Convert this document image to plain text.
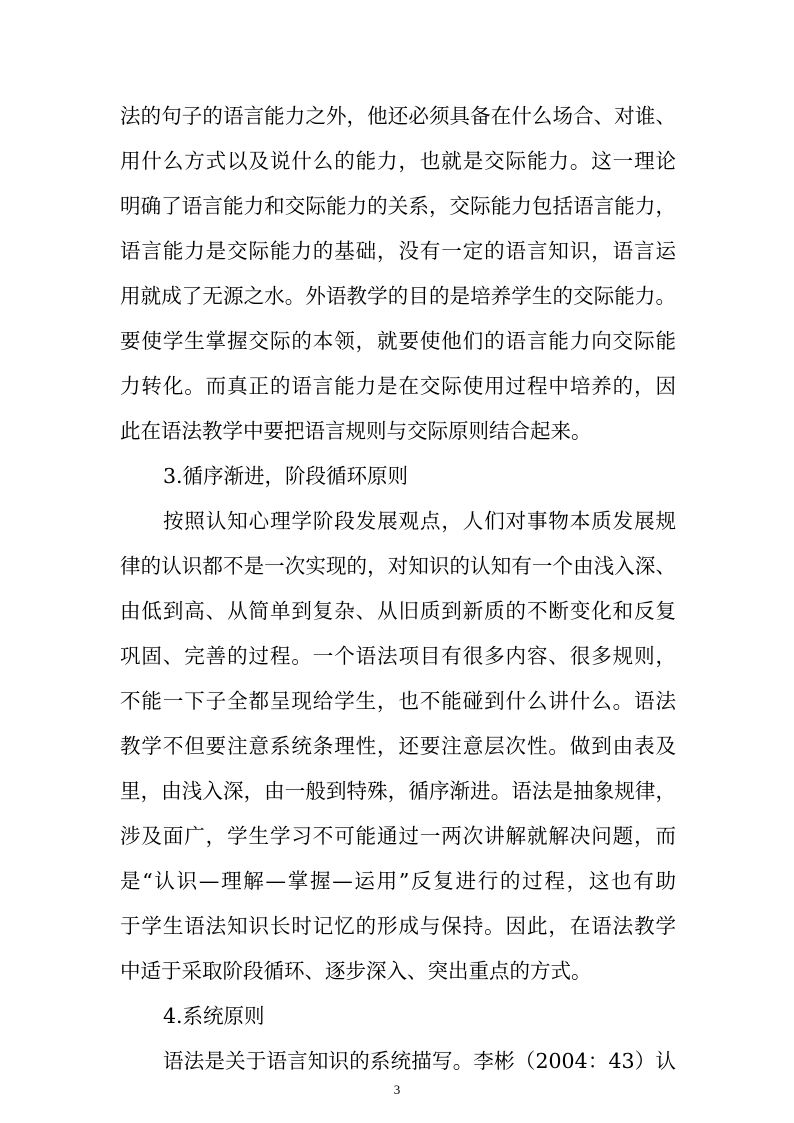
法的句子的语言能力之外，他还必须具备在什么场合、对谁、
用什么方式以及说什么的能力，也就是交际能力。这一理论
明确了语言能力和交际能力的关系，交际能力包括语言能力，
语言能力是交际能力的基础，没有一定的语言知识，语言运
用就成了无源之水。外语教学的目的是培养学生的交际能力。
要使学生掌握交际的本领，就要使他们的语言能力向交际能
力转化。而真正的语言能力是在交际使用过程中培养的，因
此在语法教学中要把语言规则与交际原则结合起来。
3.循序渐进，阶段循环原则
按照认知心理学阶段发展观点，人们对事物本质发展规
律的认识都不是一次实现的，对知识的认知有一个由浅入深、
由低到高、从简单到复杂、从旧质到新质的不断变化和反复
巩固、完善的过程。一个语法项目有很多内容、很多规则，
不能一下子全都呈现给学生，也不能碰到什么讲什么。语法
教学不但要注意系统条理性，还要注意层次性。做到由表及
里，由浅入深，由一般到特殊，循序渐进。语法是抽象规律，
涉及面广，学生学习不可能通过一两次讲解就解决问题，而
是“认识—理解—掌握—运用”反复进行的过程，这也有助
于学生语法知识长时记忆的形成与保持。因此，在语法教学
中适于采取阶段循环、逐步深入、突出重点的方式。
4.系统原则
语法是关于语言知识的系统描写。李彬（2004：43）认
3
